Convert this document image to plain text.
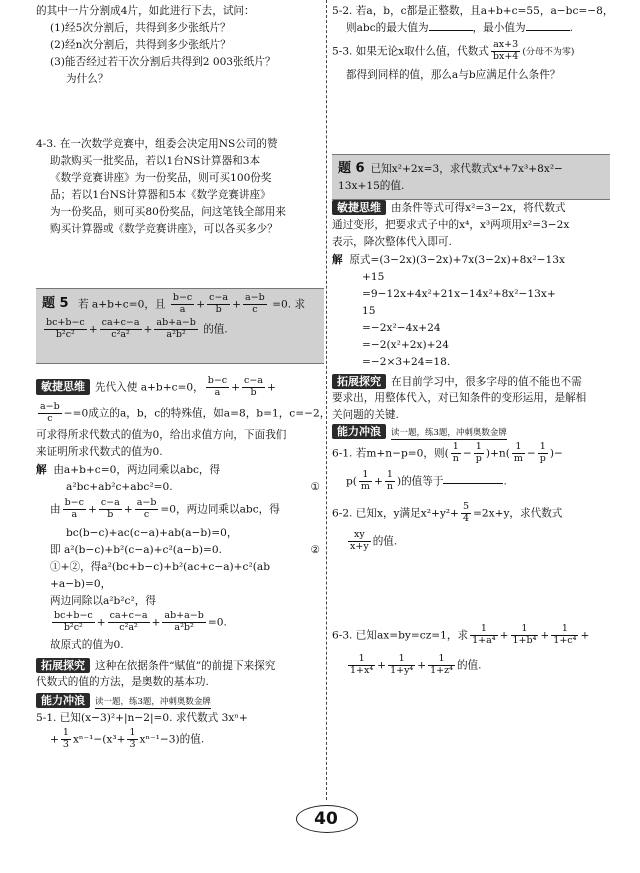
的其中一片分割成4片，如此进行下去，试问：
(1)经5次分割后，共得到多少张纸片？
(2)经n次分割后，共得到多少张纸片？
(3)能否经过若干次分割后共得到2 003张纸片？
为什么？
4-3. 在一次数学竞赛中，组委会决定用NS公司的赞
助款购买一批奖品，若以1台NS计算器和3本
《数学竞赛讲座》为一份奖品，则可买100份奖
品；若以1台NS计算器和5本《数学竞赛讲座》
为一份奖品，则可买80份奖品，问这笔钱全部用来
购买计算器或《数学竞赛讲座》，可以各买多少？
题 5 若 a+b+c=0，且 $\frac{b-c}{a} + \frac{c-a}{b} + \frac{a-b}{c} =0$. 求
$\frac{bc+b-c}{\text{b²c²}} + \frac{ca+c-a}{\text{c²a²}} + \frac{ab+a-b}{\text{a²b²}}$ 的值.
敏捷思维 先代入使 a+b+c=0， $\frac{b-c}{a} + \frac{c-a}{b}$ +
$\frac{a-b}{c} -=0$成立的a，b，c的特殊值，如a=8，b=1，c=−2，
可求得所求代数式的值为0，给出求值方向，下面我们
来证明所求代数式的值为0.
解 由a+b+c=0，两边同乘以abc，得
a²bc+ab²c+abc²=0.	①
由 $\frac{b-c}{a} + \frac{c-a}{b} + \frac{a-b}{c} =0$，两边同乘以abc，得
bc(b−c)+ac(c−a)+ab(a−b)=0，
即 a²(b−c)+b²(c−a)+c²(a−b)=0.	②
①+②，得a²(bc+b−c)+b²(ac+c−a)+c²(ab
+a−b)=0，
两边同除以a²b²c²，得
$\frac{bc+b-c}{\text{b²c²}} + \frac{ca+c-a}{\text{c²a²}} + \frac{ab+a-b}{\text{a²b²}} =0$.
故原式的值为0.
拓展探究 这种在依据条件“赋值”的前提下来探究
代数式的值的方法，是奥数的基本功.
能力冲浪 读一题，练3题，冲刺奥数金牌
5-1. 已知(x−3)²+|n−2|=0. 求代数式 3xⁿ+
+ $\frac{1}{3} x^{n-1}-(x^3+ \frac{1}{3} x^{n-1}-3)$的值.
5-2. 若a，b，c都是正整数，且a+b+c=55，a−bc=−8，
则abc的最大值为	，最小值为	.
5-3. 如果无论x取什么值，代数式 $\frac{ax+3}{bx+4}$ (分母不为零)
都得到同样的值，那么a与b应满足什么条件？
题 6 已知x²+2x=3，求代数式x⁴+7x³+8x²−
13x+15的值.
敏捷思维 由条件等式可得x²=3−2x，将代数式
通过变形，把要求式子中的x⁴，x³两项用x²=3−2x
表示，降次整体代入即可.
解 原式=(3−2x)(3−2x)+7x(3−2x)+8x²−13x
+15
=9−12x+4x²+21x−14x²+8x²−13x+
15
=−2x²−4x+24
=−2(x²+2x)+24
=−2×3+24=18.
拓展探究 在目前学习中，很多字母的值不能也不需
要求出，用整体代入，对已知条件的变形运用，是解相
关问题的关键.
能力冲浪 读一题，练3题，冲刺奥数金牌
6-1. 若m+n−p=0，则( $\frac{1}{n} - \frac{1}{p} )+n( \frac{1}{m} - \frac{1}{p}$ )−
$p( \frac{1}{m} + \frac{1}{n}$ )的值等于	.
6-2. 已知x，y满足$x^2+y^2+ \frac{5}{4} =2x+y$，求代数式
$\frac{xy}{x+y}$ 的值.
6-3. 已知ax=by=cz=1，求 $\frac{1}{\text{1+a⁴}} + \frac{1}{\text{1+b⁴}} + \frac{1}{\text{1+c⁴}}$ +
$\frac{1}{\text{1+x⁴}} + \frac{1}{\text{1+y⁴}} + \frac{1}{\text{1+z⁴}}$ 的值.
40
